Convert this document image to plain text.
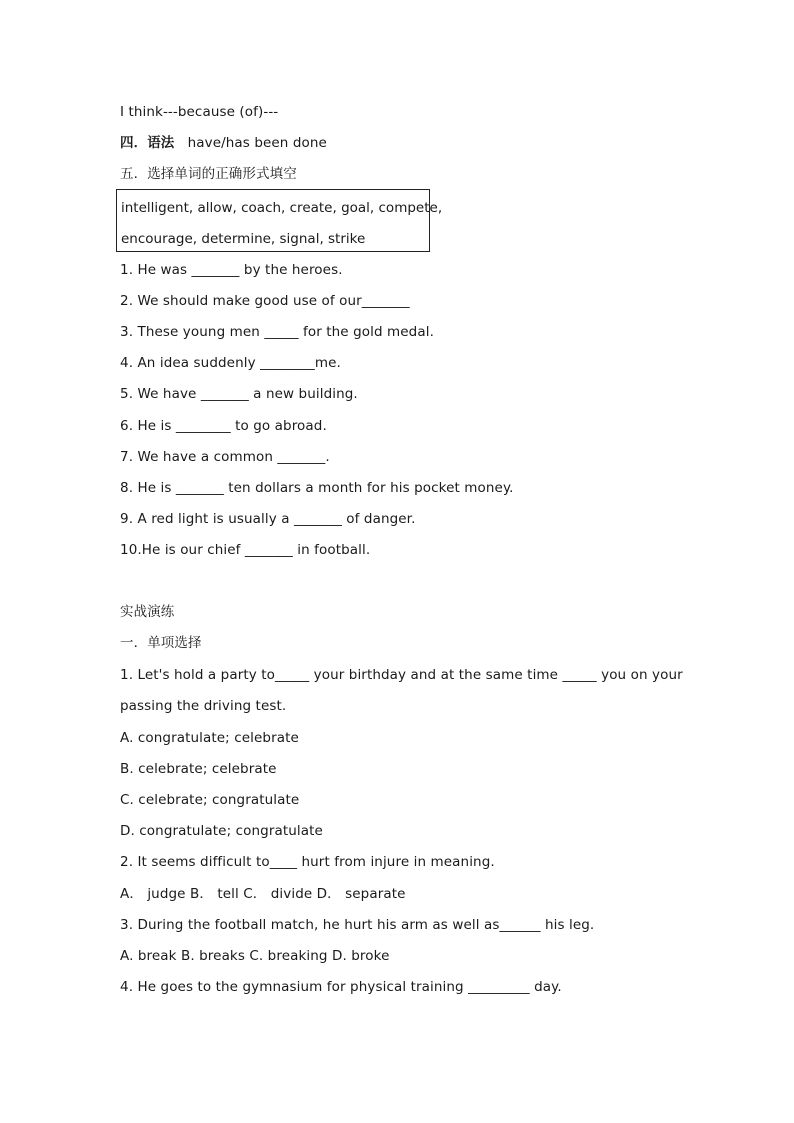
I think---because (of)---
四．语法 have/has been done
五．选择单词的正确形式填空
intelligent, allow, coach, create, goal, compete,
encourage, determine, signal, strike
1. He was _______ by the heroes.
2. We should make good use of our_______
3. These young men _____ for the gold medal.
4. An idea suddenly ________me.
5. We have _______ a new building.
6. He is ________ to go abroad.
7. We have a common _______.
8. He is _______ ten dollars a month for his pocket money.
9. A red light is usually a _______ of danger.
10.He is our chief _______ in football.
实战演练
一．单项选择
1. Let's hold a party to_____ your birthday and at the same time _____ you on your
passing the driving test.
A. congratulate; celebrate
B. celebrate; celebrate
C. celebrate; congratulate
D. congratulate; congratulate
2. It seems difficult to____ hurt from injure in meaning.
A． judge B． tell C． divide D． separate
3. During the football match, he hurt his arm as well as______ his leg.
A. break B. breaks C. breaking D. broke
4. He goes to the gymnasium for physical training _________ day.
